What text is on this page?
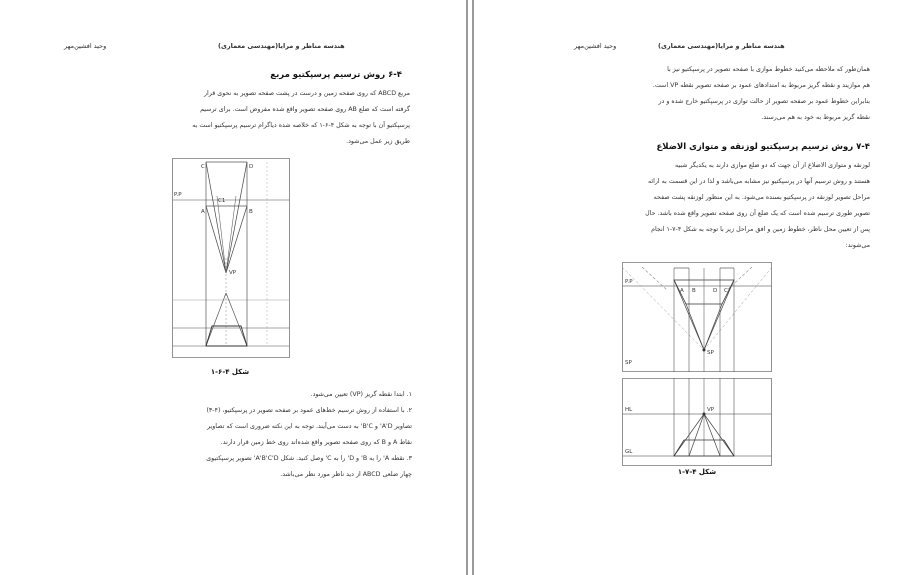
هندسه مناظر و مرایا(مهندسی معماری)
وحید افشین‌مهر
۶-۴ روش ترسیم پرسپکتیو مربع
مربع ABCD که روی صفحه زمین و درست در پشت صفحه تصویر به نحوی قرار
گرفته است که ضلع AB روی صفحه تصویر واقع شده مفروض است. برای ترسیم
پرسپکتیو آن با توجه به شکل ۴-۶-۱ که خلاصه شده دیاگرام ترسیم پرسپکتیو است به
طریق زیر عمل می‌شود.
P.P
C	D
A	B
C1
VP
شکل ۴-۶-۱
۱. ابتدا نقطه گریز (VP) تعیین می‌شود.
۲. با استفاده از روش ترسیم خط‌های عمود بر صفحه تصویر در پرسپکتیو، (۴-۳)
تصاویر A'D' و B'C' به دست می‌آیند. توجه به این نکته ضروری است که تصاویر
نقاط A و B که روی صفحه تصویر واقع شده‌اند روی خط زمین قرار دارند.
۳. نقطه A' را به B' و D' را به C' وصل کنید. شکل A'B'C'D' تصویر پرسپکتیوی
چهار ضلعی ABCD از دید ناظر مورد نظر می‌باشد.
هندسه مناظر و مرایا(مهندسی معماری)
وحید افشین‌مهر
همان‌طور که ملاحظه می‌کنید خطوط موازی با صفحه تصویر در پرسپکتیو نیز با
هم موازیند و نقطه گریز مربوط به امتدادهای عمود بر صفحه تصویر نقطه VP است.
بنابراین خطوط عمود بر صفحه تصویر از حالت توازی در پرسپکتیو خارج شده و در
نقطه گریز مربوط به خود به هم می‌رسند.
۷-۴ روش ترسیم پرسپکتیو لوزنقه و متوازی الاضلاع
لوزنقه و متوازی الاضلاع از آن جهت که دو ضلع موازی دارند به یکدیگر شبیه
هستند و روش ترسیم آنها در پرسپکتیو نیز مشابه می‌باشد و لذا در این قسمت به ارائه
مراحل تصویر لوزنقه در پرسپکتیو بسنده می‌شود. به این منظور لوزنقه پشت صفحه
تصویر طوری ترسیم شده است که یک ضلع آن روی صفحه تصویر واقع شده باشد. حال
پس از تعیین محل ناظر، خطوط زمین و افق مراحل زیر با توجه به شکل ۴-۷-۱ انجام
می‌شوند:
P.P
SP
SP
A B	C
D
HL
GL
VP
شکل ۴-۷-۱
